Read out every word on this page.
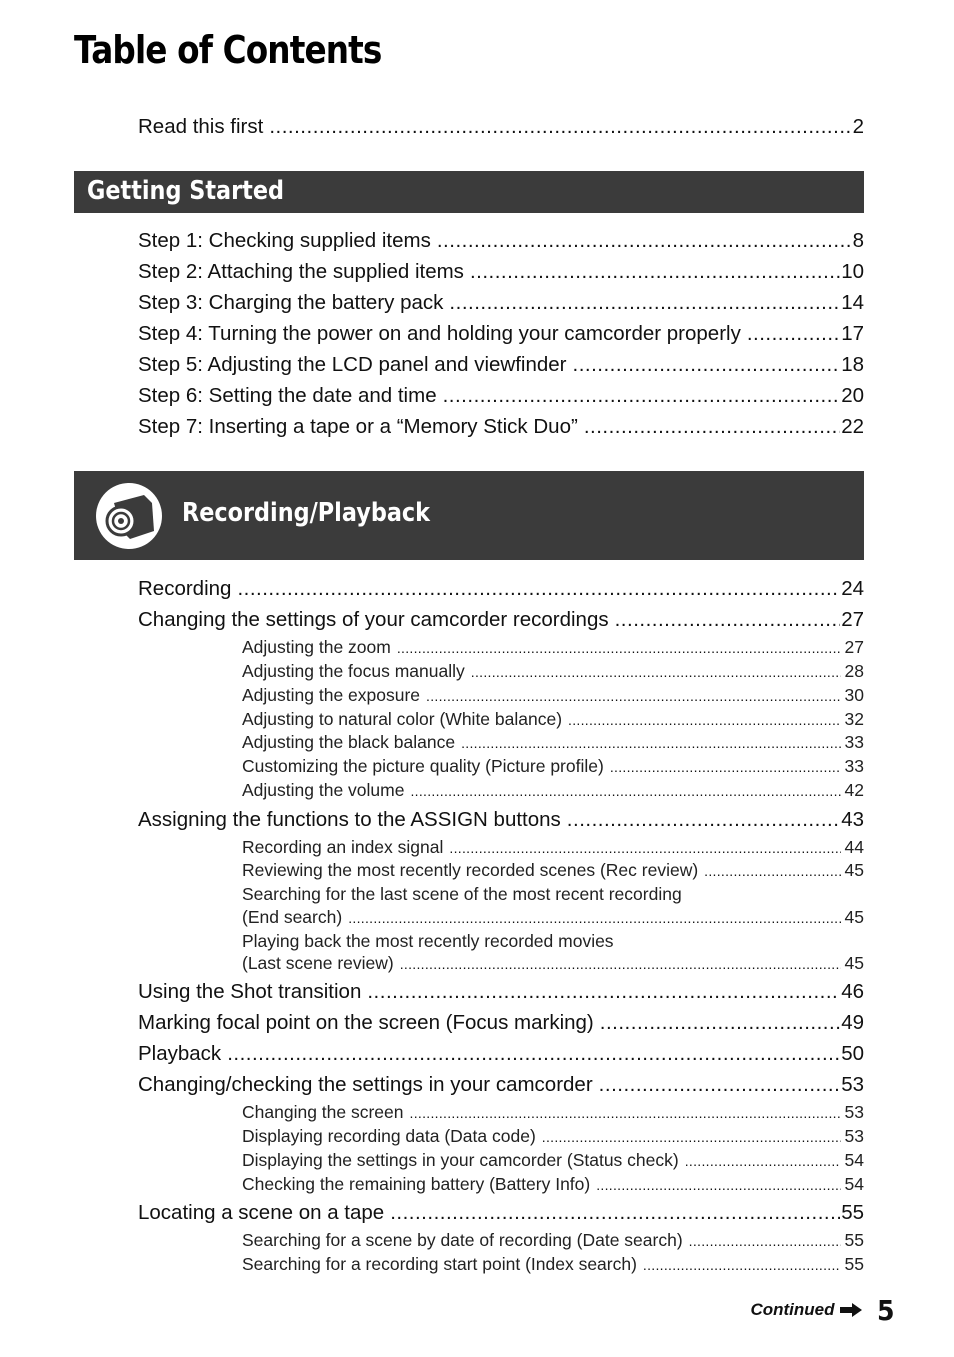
Table of Contents
Read this first .....	2
Getting Started
Step 1: Checking supplied items .....	8
Step 2: Attaching the supplied items .....	10
Step 3: Charging the battery pack .....	14
Step 4: Turning the power on and holding your camcorder properly .....	17
Step 5: Adjusting the LCD panel and viewfinder .....	18
Step 6: Setting the date and time .....	20
Step 7: Inserting a tape or a “Memory Stick Duo” .....	22
Recording/Playback
Recording .....	24
Changing the settings of your camcorder recordings .....	27
Adjusting the zoom .....	27
Adjusting the focus manually .....	28
Adjusting the exposure .....	30
Adjusting to natural color (White balance) .....	32
Adjusting the black balance .....	33
Customizing the picture quality (Picture profile) .....	33
Adjusting the volume .....	42
Assigning the functions to the ASSIGN buttons .....	43
Recording an index signal .....	44
Reviewing the most recently recorded scenes (Rec review) .....	45
Searching for the last scene of the most recent recording
(End search) .....	45
Playing back the most recently recorded movies
(Last scene review) .....	45
Using the Shot transition .....	46
Marking focal point on the screen (Focus marking) .....	49
Playback .....	50
Changing/checking the settings in your camcorder .....	53
Changing the screen .....	53
Displaying recording data (Data code) .....	53
Displaying the settings in your camcorder (Status check) .....	54
Checking the remaining battery (Battery Info) .....	54
Locating a scene on a tape .....	55
Searching for a scene by date of recording (Date search) .....	55
Searching for a recording start point (Index search) .....	55
Continued 5
